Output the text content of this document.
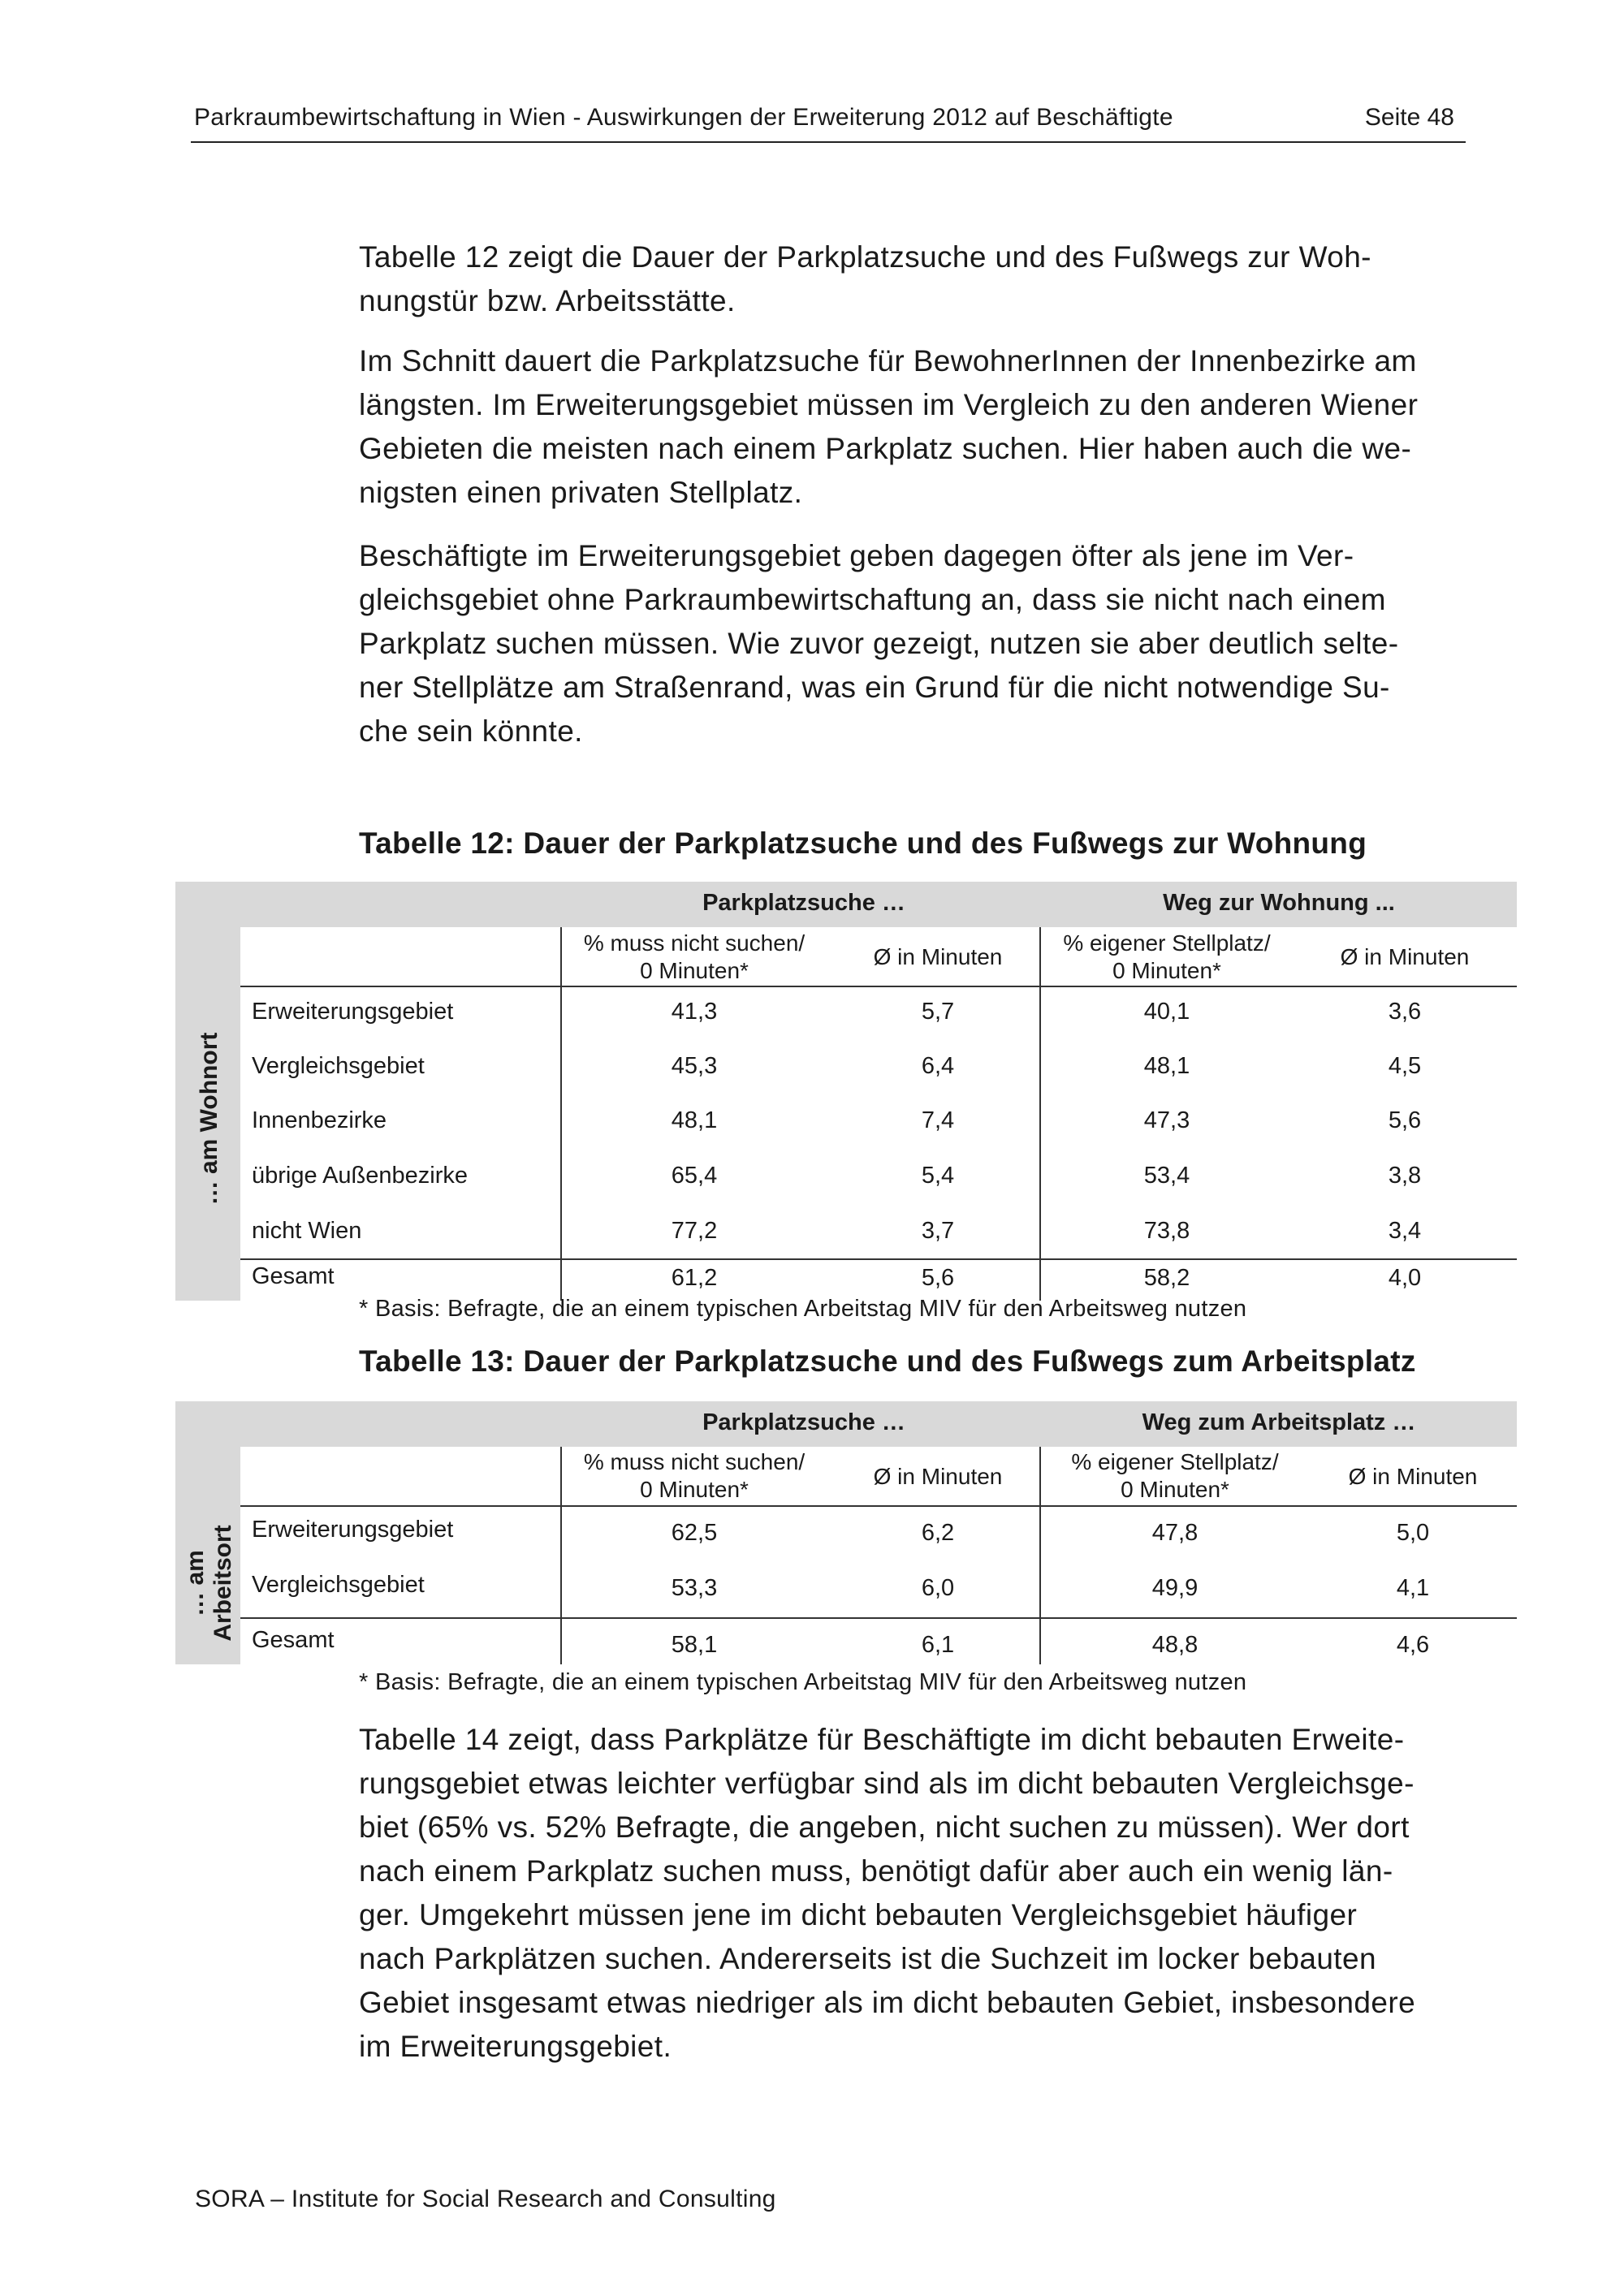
Parkraumbewirtschaftung in Wien - Auswirkungen der Erweiterung 2012 auf Beschäftigte	Seite 48
Tabelle 12 zeigt die Dauer der Parkplatzsuche und des Fußwegs zur Woh-
nungstür bzw. Arbeitsstätte.
Im Schnitt dauert die Parkplatzsuche für BewohnerInnen der Innenbezirke am
längsten. Im Erweiterungsgebiet müssen im Vergleich zu den anderen Wiener
Gebieten die meisten nach einem Parkplatz suchen. Hier haben auch die we-
nigsten einen privaten Stellplatz.
Beschäftigte im Erweiterungsgebiet geben dagegen öfter als jene im Ver-
gleichsgebiet ohne Parkraumbewirtschaftung an, dass sie nicht nach einem
Parkplatz suchen müssen. Wie zuvor gezeigt, nutzen sie aber deutlich selte-
ner Stellplätze am Straßenrand, was ein Grund für die nicht notwendige Su-
che sein könnte.
Tabelle 12: Dauer der Parkplatzsuche und des Fußwegs zur Wohnung
… am Wohnort
Parkplatzsuche …	Weg zur Wohnung ...
% muss nicht suchen/
0 Minuten*
Ø in Minuten
% eigener Stellplatz/
0 Minuten*
Ø in Minuten
Erweiterungsgebiet	41,3	5,7	40,1	3,6
Vergleichsgebiet	45,3	6,4	48,1	4,5
Innenbezirke	48,1	7,4	47,3	5,6
übrige Außenbezirke	65,4	5,4	53,4	3,8
nicht Wien	77,2	3,7	73,8	3,4
Gesamt	61,2	5,6	58,2	4,0
* Basis: Befragte, die an einem typischen Arbeitstag MIV für den Arbeitsweg nutzen
Tabelle 13: Dauer der Parkplatzsuche und des Fußwegs zum Arbeitsplatz
… am Arbeitsort
Parkplatzsuche …	Weg zum Arbeitsplatz …
% muss nicht suchen/
0 Minuten*
Ø in Minuten
% eigener Stellplatz/
0 Minuten*
Ø in Minuten
Erweiterungsgebiet	62,5	6,2	47,8	5,0
Vergleichsgebiet	53,3	6,0	49,9	4,1
Gesamt	58,1	6,1	48,8	4,6
* Basis: Befragte, die an einem typischen Arbeitstag MIV für den Arbeitsweg nutzen
Tabelle 14 zeigt, dass Parkplätze für Beschäftigte im dicht bebauten Erweite-
rungsgebiet etwas leichter verfügbar sind als im dicht bebauten Vergleichsge-
biet (65% vs. 52% Befragte, die angeben, nicht suchen zu müssen). Wer dort
nach einem Parkplatz suchen muss, benötigt dafür aber auch ein wenig län-
ger. Umgekehrt müssen jene im dicht bebauten Vergleichsgebiet häufiger
nach Parkplätzen suchen. Andererseits ist die Suchzeit im locker bebauten
Gebiet insgesamt etwas niedriger als im dicht bebauten Gebiet, insbesondere
im Erweiterungsgebiet.
SORA – Institute for Social Research and Consulting
